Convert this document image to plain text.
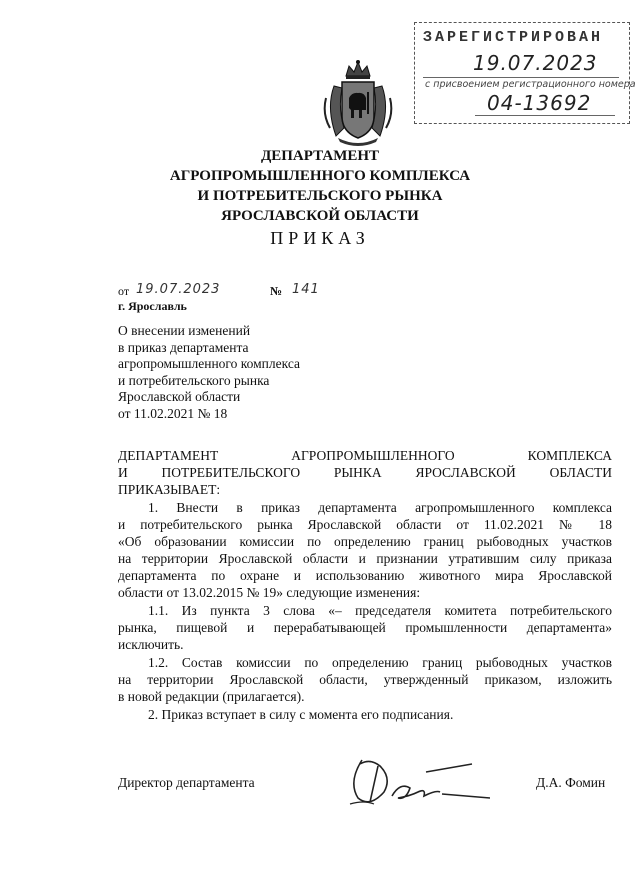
ЗАРЕГИСТРИРОВАН
19.07.2023
с присвоением регистрационного номера
04-13692
ДЕПАРТАМЕНТ
АГРОПРОМЫШЛЕННОГО КОМПЛЕКСА
И ПОТРЕБИТЕЛЬСКОГО РЫНКА
ЯРОСЛАВСКОЙ ОБЛАСТИ
ПРИКАЗ
от 19.07.2023	№ 141
г. Ярославль
О внесении изменений
в приказ департамента
агропромышленного комплекса
и потребительского рынка
Ярославской области
от 11.02.2021 № 18
ДЕПАРТАМЕНТ АГРОПРОМЫШЛЕННОГО КОМПЛЕКСА
И ПОТРЕБИТЕЛЬСКОГО РЫНКА ЯРОСЛАВСКОЙ ОБЛАСТИ
ПРИКАЗЫВАЕТ:
1. Внести в приказ департамента агропромышленного комплекса
и потребительского рынка Ярославской области от 11.02.2021 № 18
«Об образовании комиссии по определению границ рыбоводных участков
на территории Ярославской области и признании утратившим силу приказа
департамента по охране и использованию животного мира Ярославской
области от 13.02.2015 № 19» следующие изменения:
1.1. Из пункта 3 слова «– председателя комитета потребительского
рынка, пищевой и перерабатывающей промышленности департамента»
исключить.
1.2. Состав комиссии по определению границ рыбоводных участков
на территории Ярославской области, утвержденный приказом, изложить
в новой редакции (прилагается).
2. Приказ вступает в силу с момента его подписания.
Директор департамента	Д.А. Фомин
